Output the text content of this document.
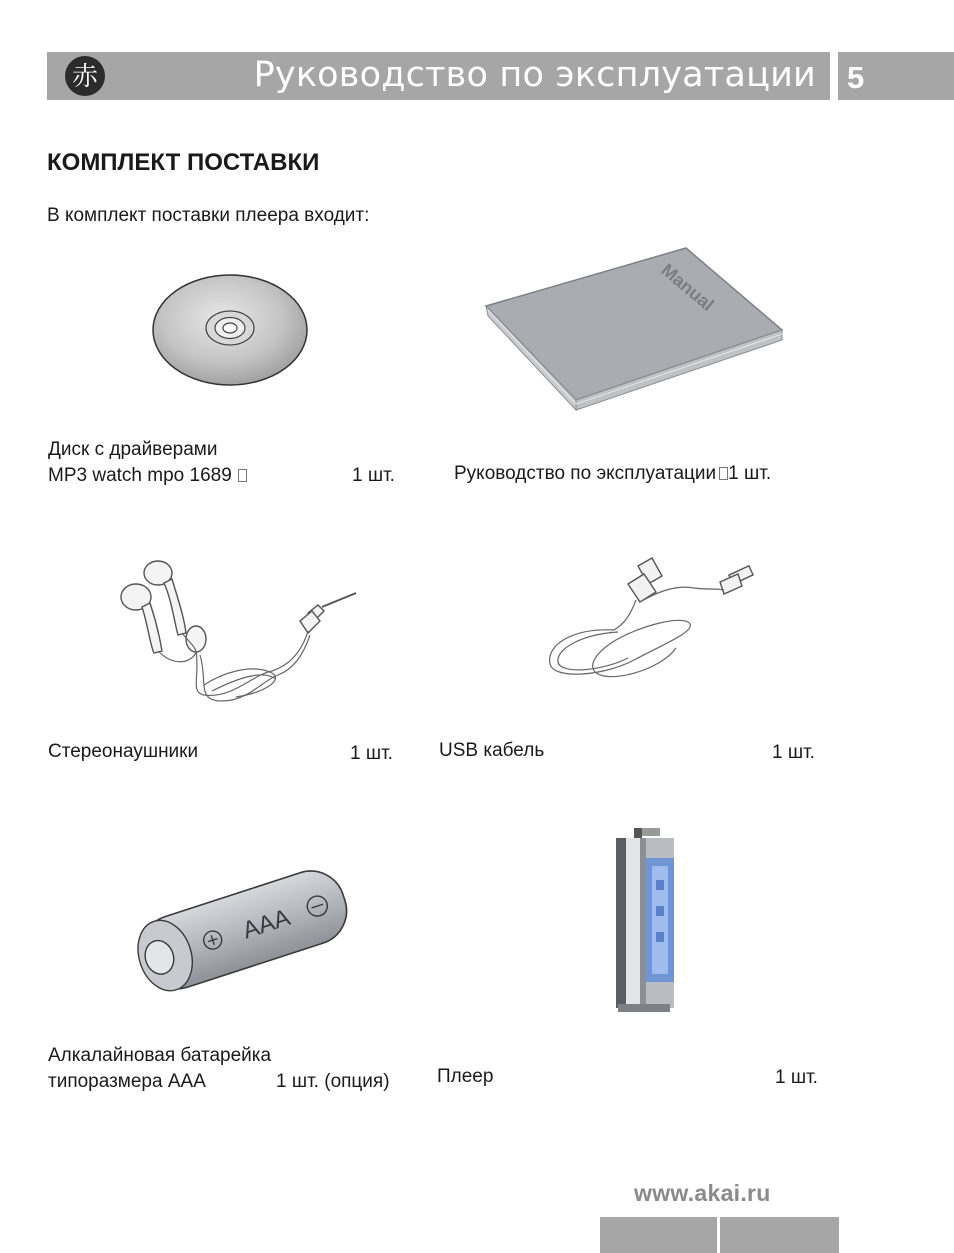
赤	Руководство по эксплуатации 5
КОМПЛЕКТ ПОСТАВКИ
В комплект поставки плеера входит:
Manual
Диск с драйверами
MP3 watch mpo 1689	1 шт.	Руководство по эксплуатации 1 шт.
Стереонаушники	1 шт. USB кабель	1 шт.
AAA
Алкалайновая батарейка
типоразмера AAA	1 шт. (опция) Плеер	1 шт.
www.akai.ru
